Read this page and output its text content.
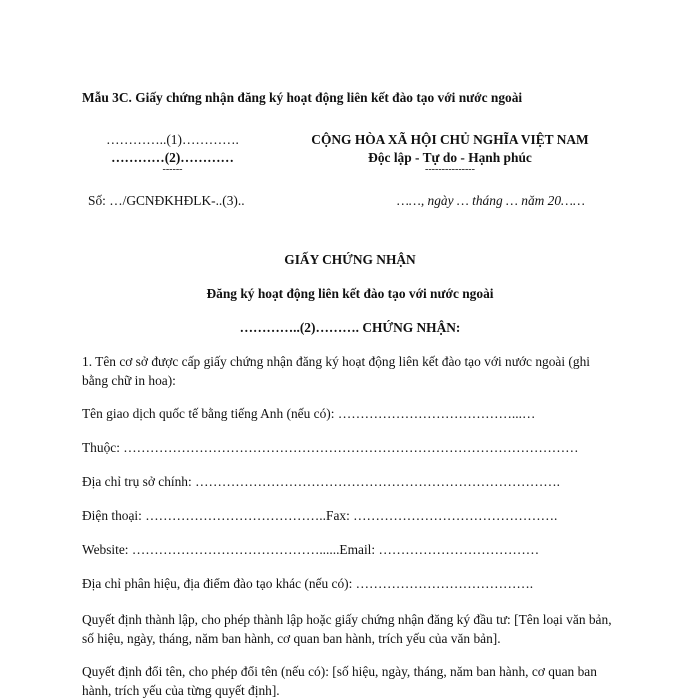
Mẫu 3C. Giấy chứng nhận đăng ký hoạt động liên kết đào tạo với nước ngoài
…………..(1)………….
…………(2)…………
------
CỘNG HÒA XÃ HỘI CHỦ NGHĨA VIỆT NAM
Độc lập - Tự do - Hạnh phúc
---------------
Số: …/GCNĐKHĐLK-..(3)..	……, ngày … tháng … năm 20……
GIẤY CHỨNG NHẬN
Đăng ký hoạt động liên kết đào tạo với nước ngoài
…………..(2)………. CHỨNG NHẬN:
1. Tên cơ sở được cấp giấy chứng nhận đăng ký hoạt động liên kết đào tạo với nước ngoài (ghi bằng chữ in hoa):
Tên giao dịch quốc tế bằng tiếng Anh (nếu có): …………………………………...…
Thuộc: …………………………………………………………………………………………
Địa chỉ trụ sở chính: ……………………………………………………………………….
Điện thoại: …………………………………..Fax: ……………………………………….
Website: ……………………………………......Email: ………………………………
Địa chỉ phân hiệu, địa điểm đào tạo khác (nếu có): ………………………………….
Quyết định thành lập, cho phép thành lập hoặc giấy chứng nhận đăng ký đầu tư: [Tên loại văn bản, số hiệu, ngày, tháng, năm ban hành, cơ quan ban hành, trích yếu của văn bản].
Quyết định đổi tên, cho phép đổi tên (nếu có): [số hiệu, ngày, tháng, năm ban hành, cơ quan ban hành, trích yếu của từng quyết định].
